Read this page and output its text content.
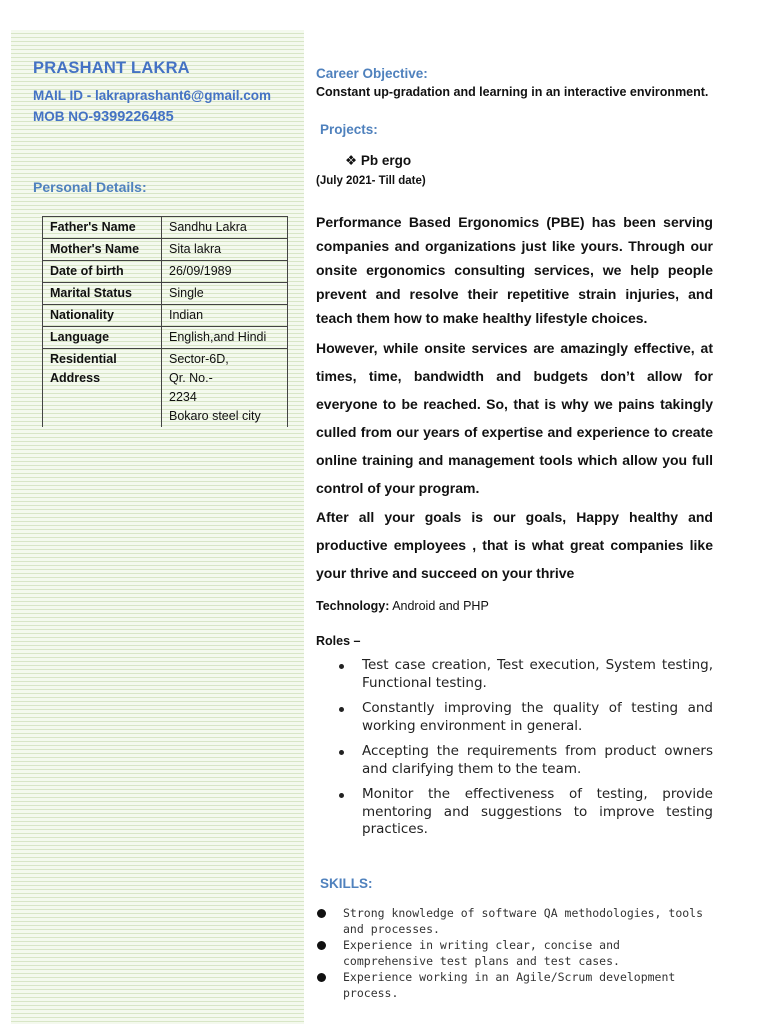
PRASHANT LAKRA
MAIL ID - lakraprashant6@gmail.com
MOB NO-9399226485
Personal Details:
Father's Name	Sandhu Lakra
Mother's Name	Sita lakra
Date of birth	26/09/1989
Marital Status	Single
Nationality	Indian
Language	English,and Hindi

Residential
Address	Sector-6D,
Qr. No.-
2234
Bokaro steel city
Career Objective:
Constant up-gradation and learning in an interactive environment.
Projects:
❖ Pb ergo
(July 2021- Till date)

Performance Based Ergonomics (PBE) has been serving companies and organizations just like yours. Through our onsite ergonomics consulting services, we help people prevent and resolve their repetitive strain injuries, and teach them how to make healthy lifestyle choices.

However, while onsite services are amazingly effective, at times, time, bandwidth and budgets don’t allow for everyone to be reached. So, that is why we pains takingly culled from our years of expertise and experience to create online training and management tools which allow you full control of your program.

After all your goals is our goals, Happy healthy and productive employees , that is what great companies like your thrive and succeed on your thrive

Technology: Android and PHP
Roles –
Test case creation, Test execution, System testing, Functional testing.
Constantly improving the quality of testing and working environment in general.
Accepting the requirements from product owners and clarifying them to the team.
Monitor the effectiveness of testing, provide mentoring and suggestions to improve testing practices.
SKILLS:
Strong knowledge of software QA methodologies, tools and processes.
Experience in writing clear, concise and comprehensive test plans and test cases.
Experience working in an Agile/Scrum development process.
